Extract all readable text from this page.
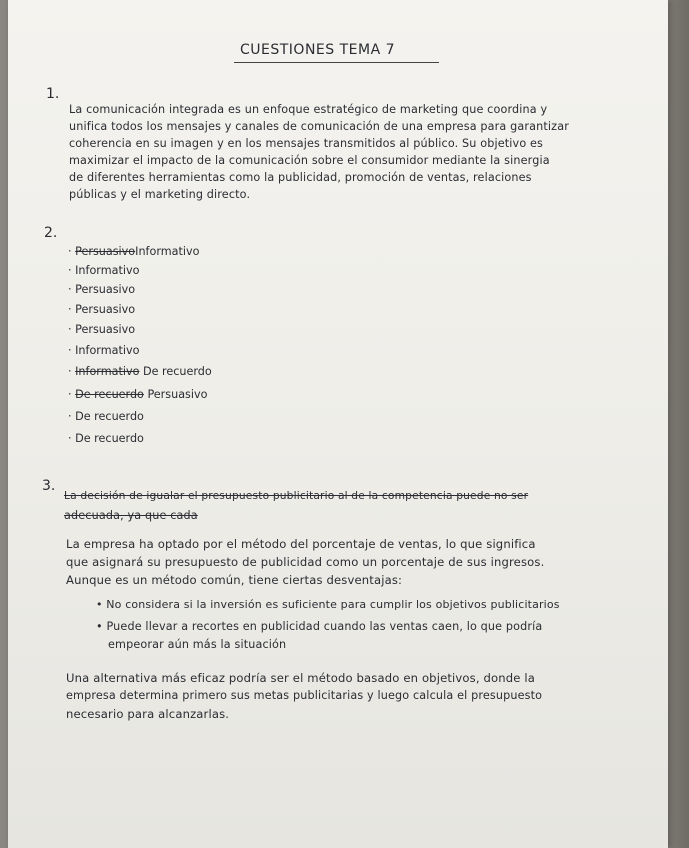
CUESTIONES TEMA 7
1.
La comunicación integrada es un enfoque estratégico de marketing que coordina y
unifica todos los mensajes y canales de comunicación de una empresa para garantizar
coherencia en su imagen y en los mensajes transmitidos al público. Su objetivo es
maximizar el impacto de la comunicación sobre el consumidor mediante la sinergia
de diferentes herramientas como la publicidad, promoción de ventas, relaciones
públicas y el marketing directo.
2.
· PersuasivoInformativo
· Informativo
· Persuasivo
· Persuasivo
· Persuasivo
· Informativo
· Informativo De recuerdo
· De recuerdo Persuasivo
· De recuerdo
· De recuerdo
3.
La decisión de igualar el presupuesto publicitario al de la competencia puede no ser
adecuada, ya que cada
La empresa ha optado por el método del porcentaje de ventas, lo que significa
que asignará su presupuesto de publicidad como un porcentaje de sus ingresos.
Aunque es un método común, tiene ciertas desventajas:
• No considera si la inversión es suficiente para cumplir los objetivos publicitarios
• Puede llevar a recortes en publicidad cuando las ventas caen, lo que podría
empeorar aún más la situación
Una alternativa más eficaz podría ser el método basado en objetivos, donde la
empresa determina primero sus metas publicitarias y luego calcula el presupuesto
necesario para alcanzarlas.
